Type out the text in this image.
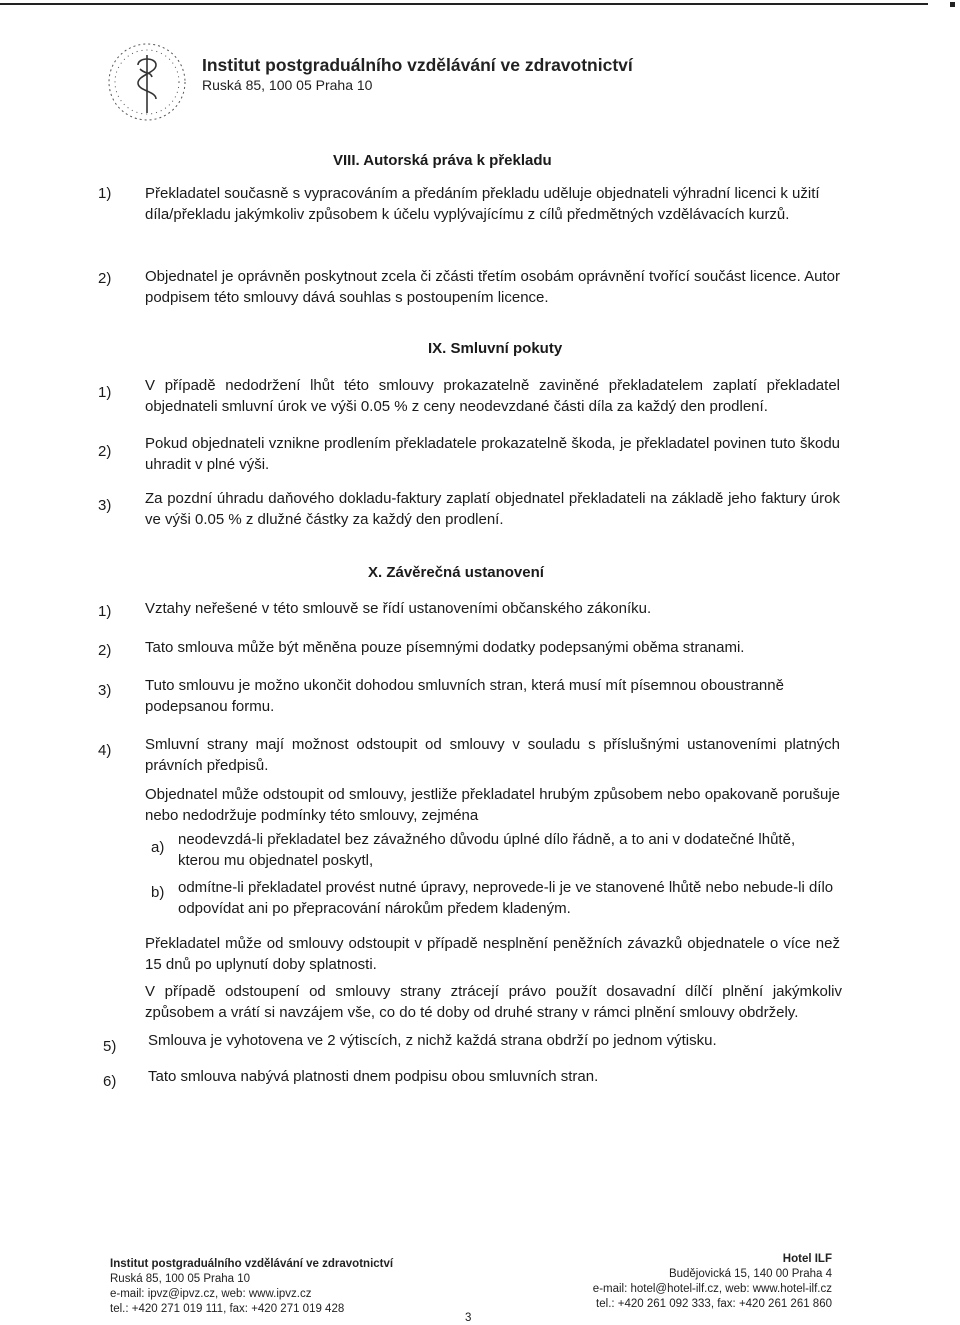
Institut postgraduálního vzdělávání ve zdravotnictví
Ruská 85, 100 05 Praha 10
VIII. Autorská práva k překladu
1) Překladatel současně s vypracováním a předáním překladu uděluje objednateli výhradní licenci k užití díla/překladu jakýmkoliv způsobem k účelu vyplývajícímu z cílů předmětných vzdělávacích kurzů.
2) Objednatel je oprávněn poskytnout zcela či zčásti třetím osobám oprávnění tvořící součást licence. Autor podpisem této smlouvy dává souhlas s postoupením licence.
IX. Smluvní pokuty
1) V případě nedodržení lhůt této smlouvy prokazatelně zaviněné překladatelem zaplatí překladatel objednateli smluvní úrok ve výši 0.05 % z ceny neodevzdané části díla za každý den prodlení.
2) Pokud objednateli vznikne prodlením překladatele prokazatelně škoda, je překladatel povinen tuto škodu uhradit v plné výši.
3) Za pozdní úhradu daňového dokladu-faktury zaplatí objednatel překladateli na základě jeho faktury úrok ve výši 0.05 % z dlužné částky za každý den prodlení.
X. Závěrečná ustanovení
1) Vztahy neřešené v této smlouvě se řídí ustanoveními občanského zákoníku.
2) Tato smlouva může být měněna pouze písemnými dodatky podepsanými oběma stranami.
3) Tuto smlouvu je možno ukončit dohodou smluvních stran, která musí mít písemnou oboustranně podepsanou formu.
4) Smluvní strany mají možnost odstoupit od smlouvy v souladu s příslušnými ustanoveními platných právních předpisů.
Objednatel může odstoupit od smlouvy, jestliže překladatel hrubým způsobem nebo opakovaně porušuje nebo nedodržuje podmínky této smlouvy, zejména
a) neodevzdá-li překladatel bez závažného důvodu úplné dílo řádně, a to ani v dodatečné lhůtě, kterou mu objednatel poskytl,
b) odmítne-li překladatel provést nutné úpravy, neprovede-li je ve stanovené lhůtě nebo nebude-li dílo odpovídat ani po přepracování nárokům předem kladeným.
Překladatel může od smlouvy odstoupit v případě nesplnění peněžních závazků objednatele o více než 15 dnů po uplynutí doby splatnosti.
V případě odstoupení od smlouvy strany ztrácejí právo použít dosavadní dílčí plnění jakýmkoliv způsobem a vrátí si navzájem vše, co do té doby od druhé strany v rámci plnění smlouvy obdržely.
5) Smlouva je vyhotovena ve 2 výtiscích, z nichž každá strana obdrží po jednom výtisku.
6) Tato smlouva nabývá platnosti dnem podpisu obou smluvních stran.
Institut postgraduálního vzdělávání ve zdravotnictví
Ruská 85, 100 05 Praha 10
e-mail: ipvz@ipvz.cz, web: www.ipvz.cz
tel.: +420 271 019 111, fax: +420 271 019 428
Hotel ILF
Budějovická 15, 140 00 Praha 4
e-mail: hotel@hotel-ilf.cz, web: www.hotel-ilf.cz
tel.: +420 261 092 333, fax: +420 261 261 860
3
